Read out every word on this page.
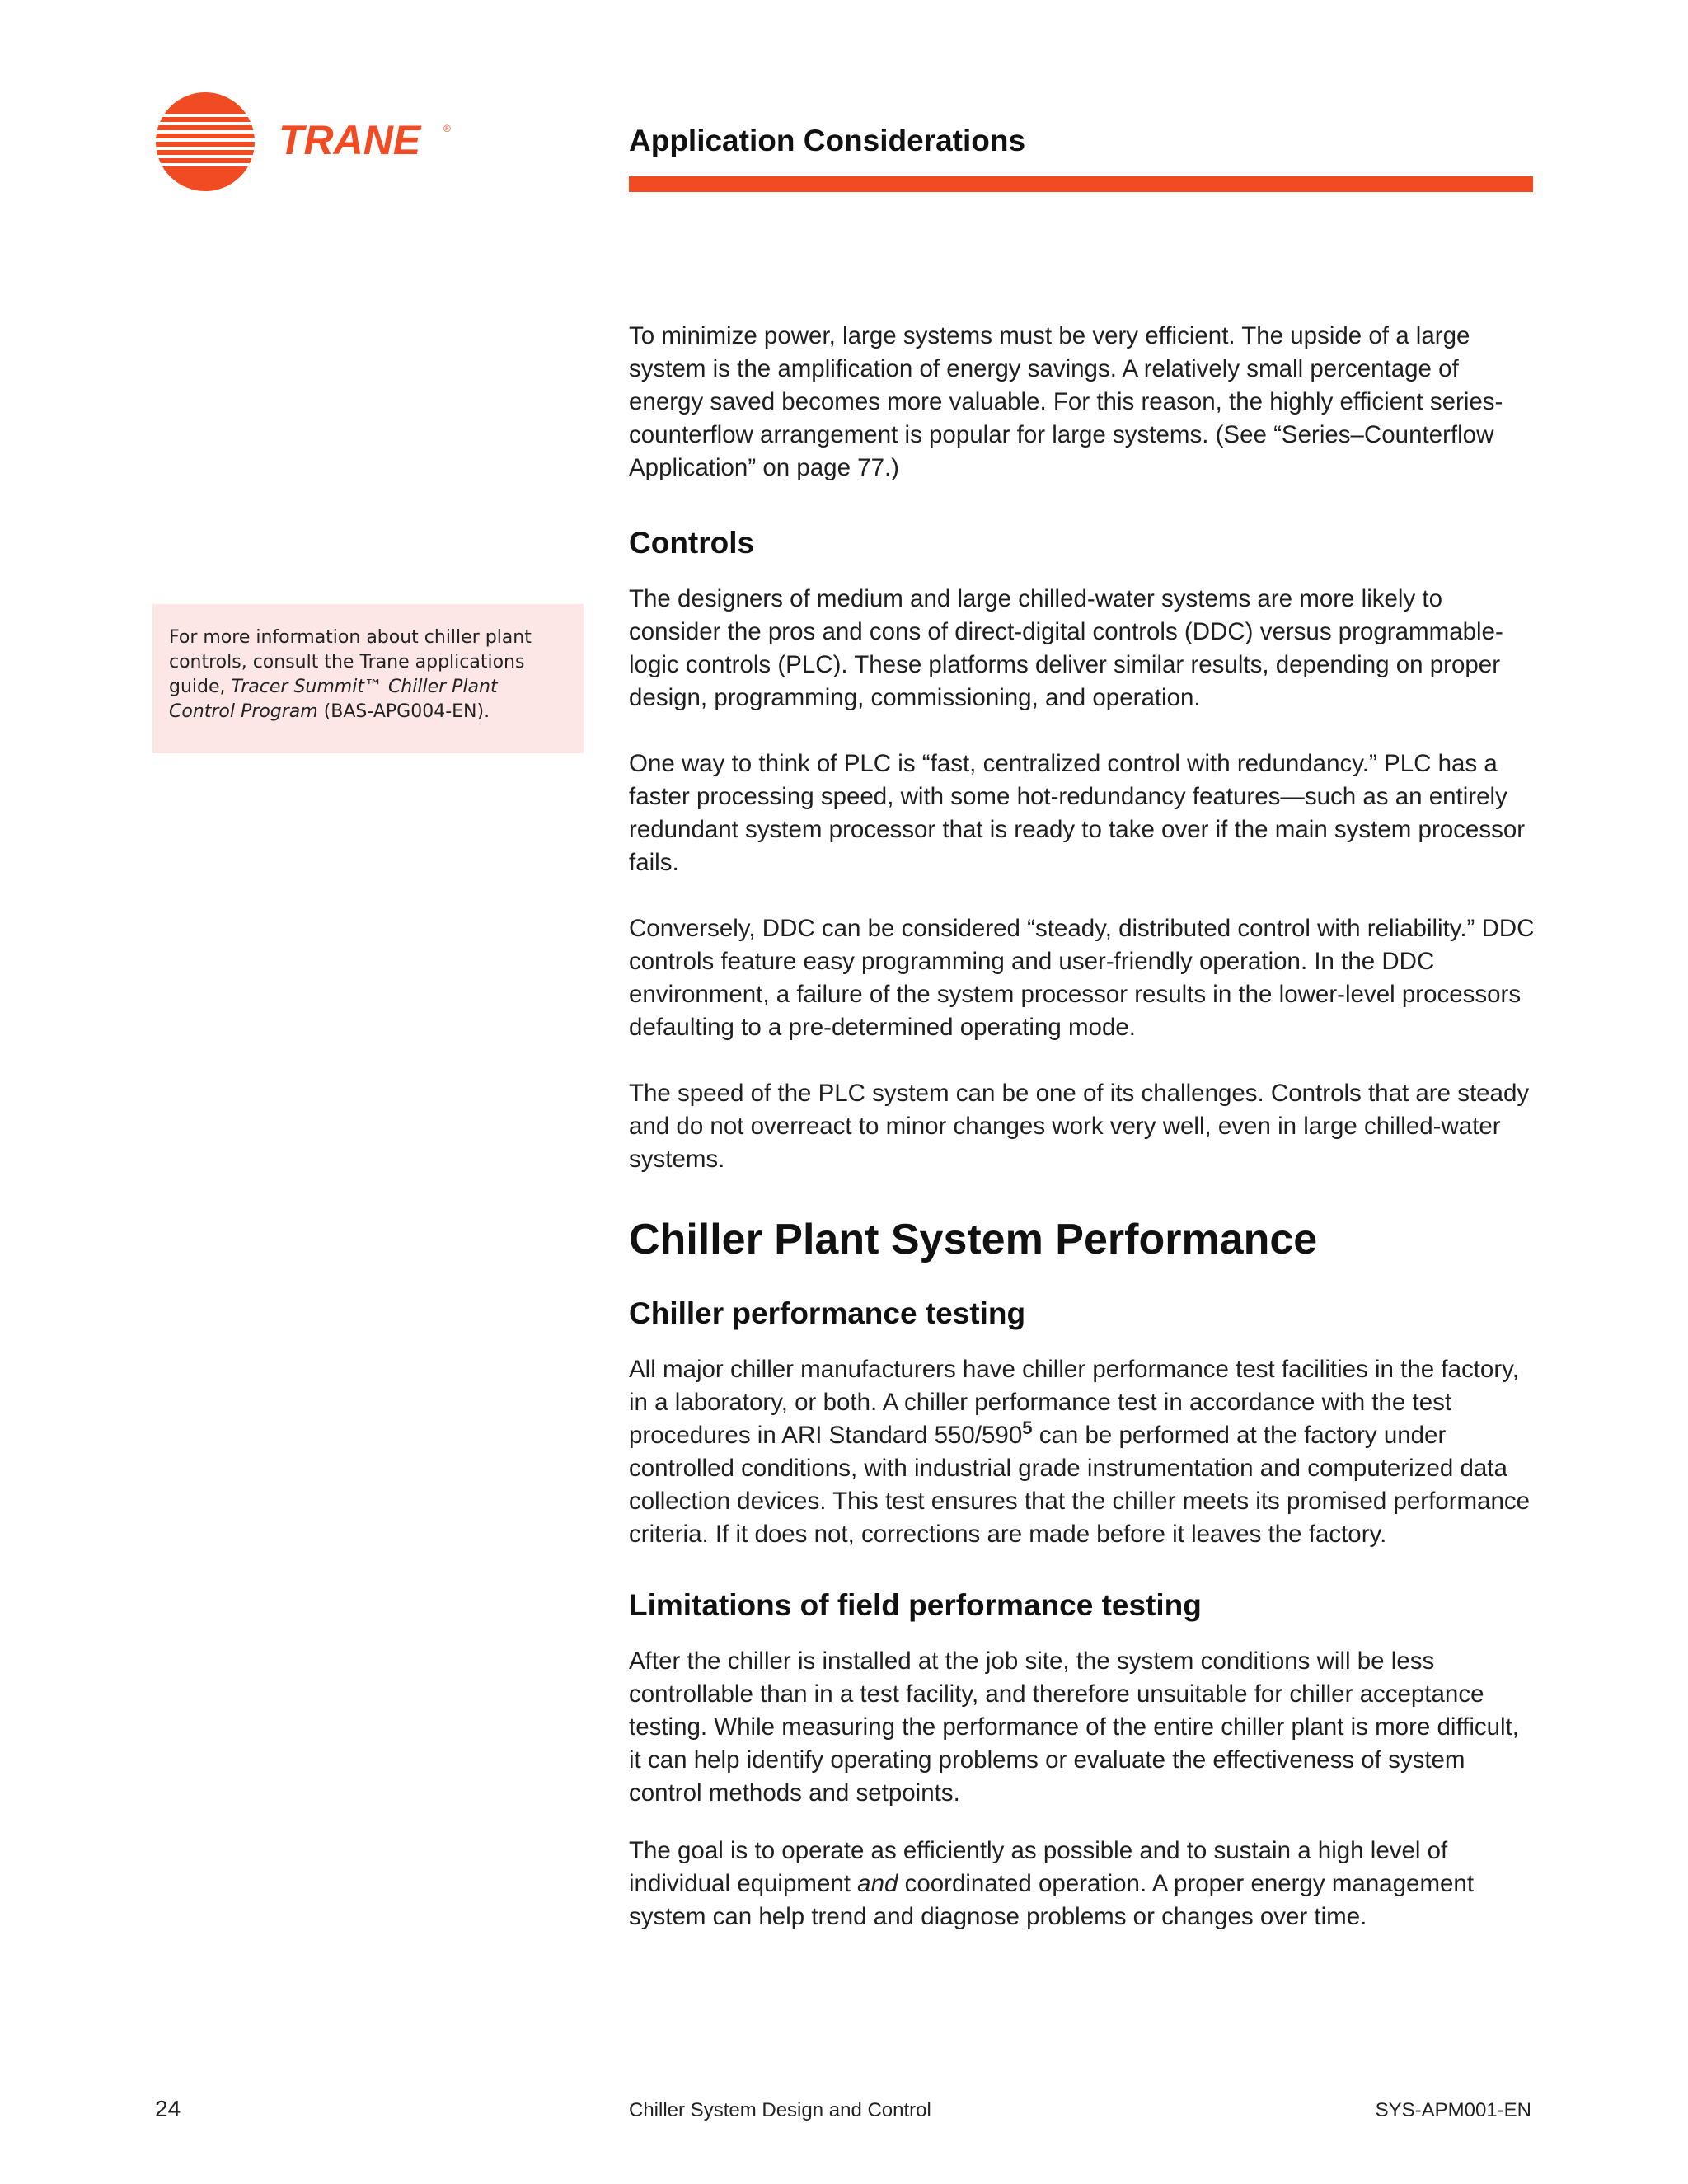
TRANE ®	Application Considerations
For more information about chiller plant controls, consult the Trane applications guide, Tracer Summit™ Chiller Plant Control Program (BAS-APG004-EN).

To minimize power, large systems must be very efficient. The upside of a large system is the amplification of energy savings. A relatively small percentage of energy saved becomes more valuable. For this reason, the highly efficient series-counterflow arrangement is popular for large systems. (See “Series–Counterflow Application” on page 77.)

Controls

The designers of medium and large chilled-water systems are more likely to consider the pros and cons of direct-digital controls (DDC) versus programmable-logic controls (PLC). These platforms deliver similar results, depending on proper design, programming, commissioning, and operation.

One way to think of PLC is “fast, centralized control with redundancy.” PLC has a faster processing speed, with some hot-redundancy features—such as an entirely redundant system processor that is ready to take over if the main system processor fails.

Conversely, DDC can be considered “steady, distributed control with reliability.” DDC controls feature easy programming and user-friendly operation. In the DDC environment, a failure of the system processor results in the lower-level processors defaulting to a pre-determined operating mode.

The speed of the PLC system can be one of its challenges. Controls that are steady and do not overreact to minor changes work very well, even in large chilled-water systems.

Chiller Plant System Performance
Chiller performance testing

All major chiller manufacturers have chiller performance test facilities in the factory, in a laboratory, or both. A chiller performance test in accordance with the test procedures in ARI Standard 550/590$^5$ can be performed at the factory under controlled conditions, with industrial grade instrumentation and computerized data collection devices. This test ensures that the chiller meets its promised performance criteria. If it does not, corrections are made before it leaves the factory.

Limitations of field performance testing

After the chiller is installed at the job site, the system conditions will be less controllable than in a test facility, and therefore unsuitable for chiller acceptance testing. While measuring the performance of the entire chiller plant is more difficult, it can help identify operating problems or evaluate the effectiveness of system control methods and setpoints.

The goal is to operate as efficiently as possible and to sustain a high level of individual equipment and coordinated operation. A proper energy management system can help trend and diagnose problems or changes over time.

24	Chiller System Design and Control	SYS-APM001-EN
